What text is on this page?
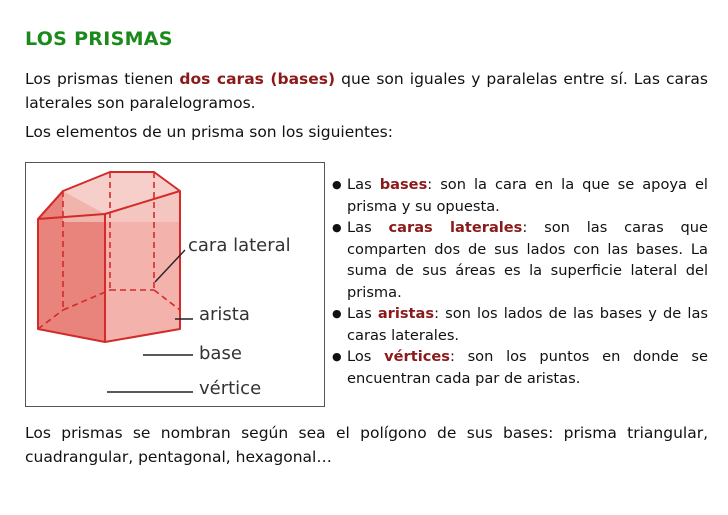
LOS PRISMAS

Los prismas tienen dos caras (bases) que son iguales y paralelas entre sí. Las caras laterales son paralelogramos.

Los elementos de un prisma son los siguientes:

cara lateral
arista
base
vértice
● Las bases: son la cara en la que se apoya el prisma y su opuesta.
● Las caras laterales: son las caras que comparten dos de sus lados con las bases. La suma de sus áreas es la superficie lateral del prisma.
● Las aristas: son los lados de las bases y de las caras laterales.
● Los vértices: son los puntos en donde se encuentran cada par de aristas.

Los prismas se nombran según sea el polígono de sus bases: prisma triangular, cuadrangular, pentagonal, hexagonal…
